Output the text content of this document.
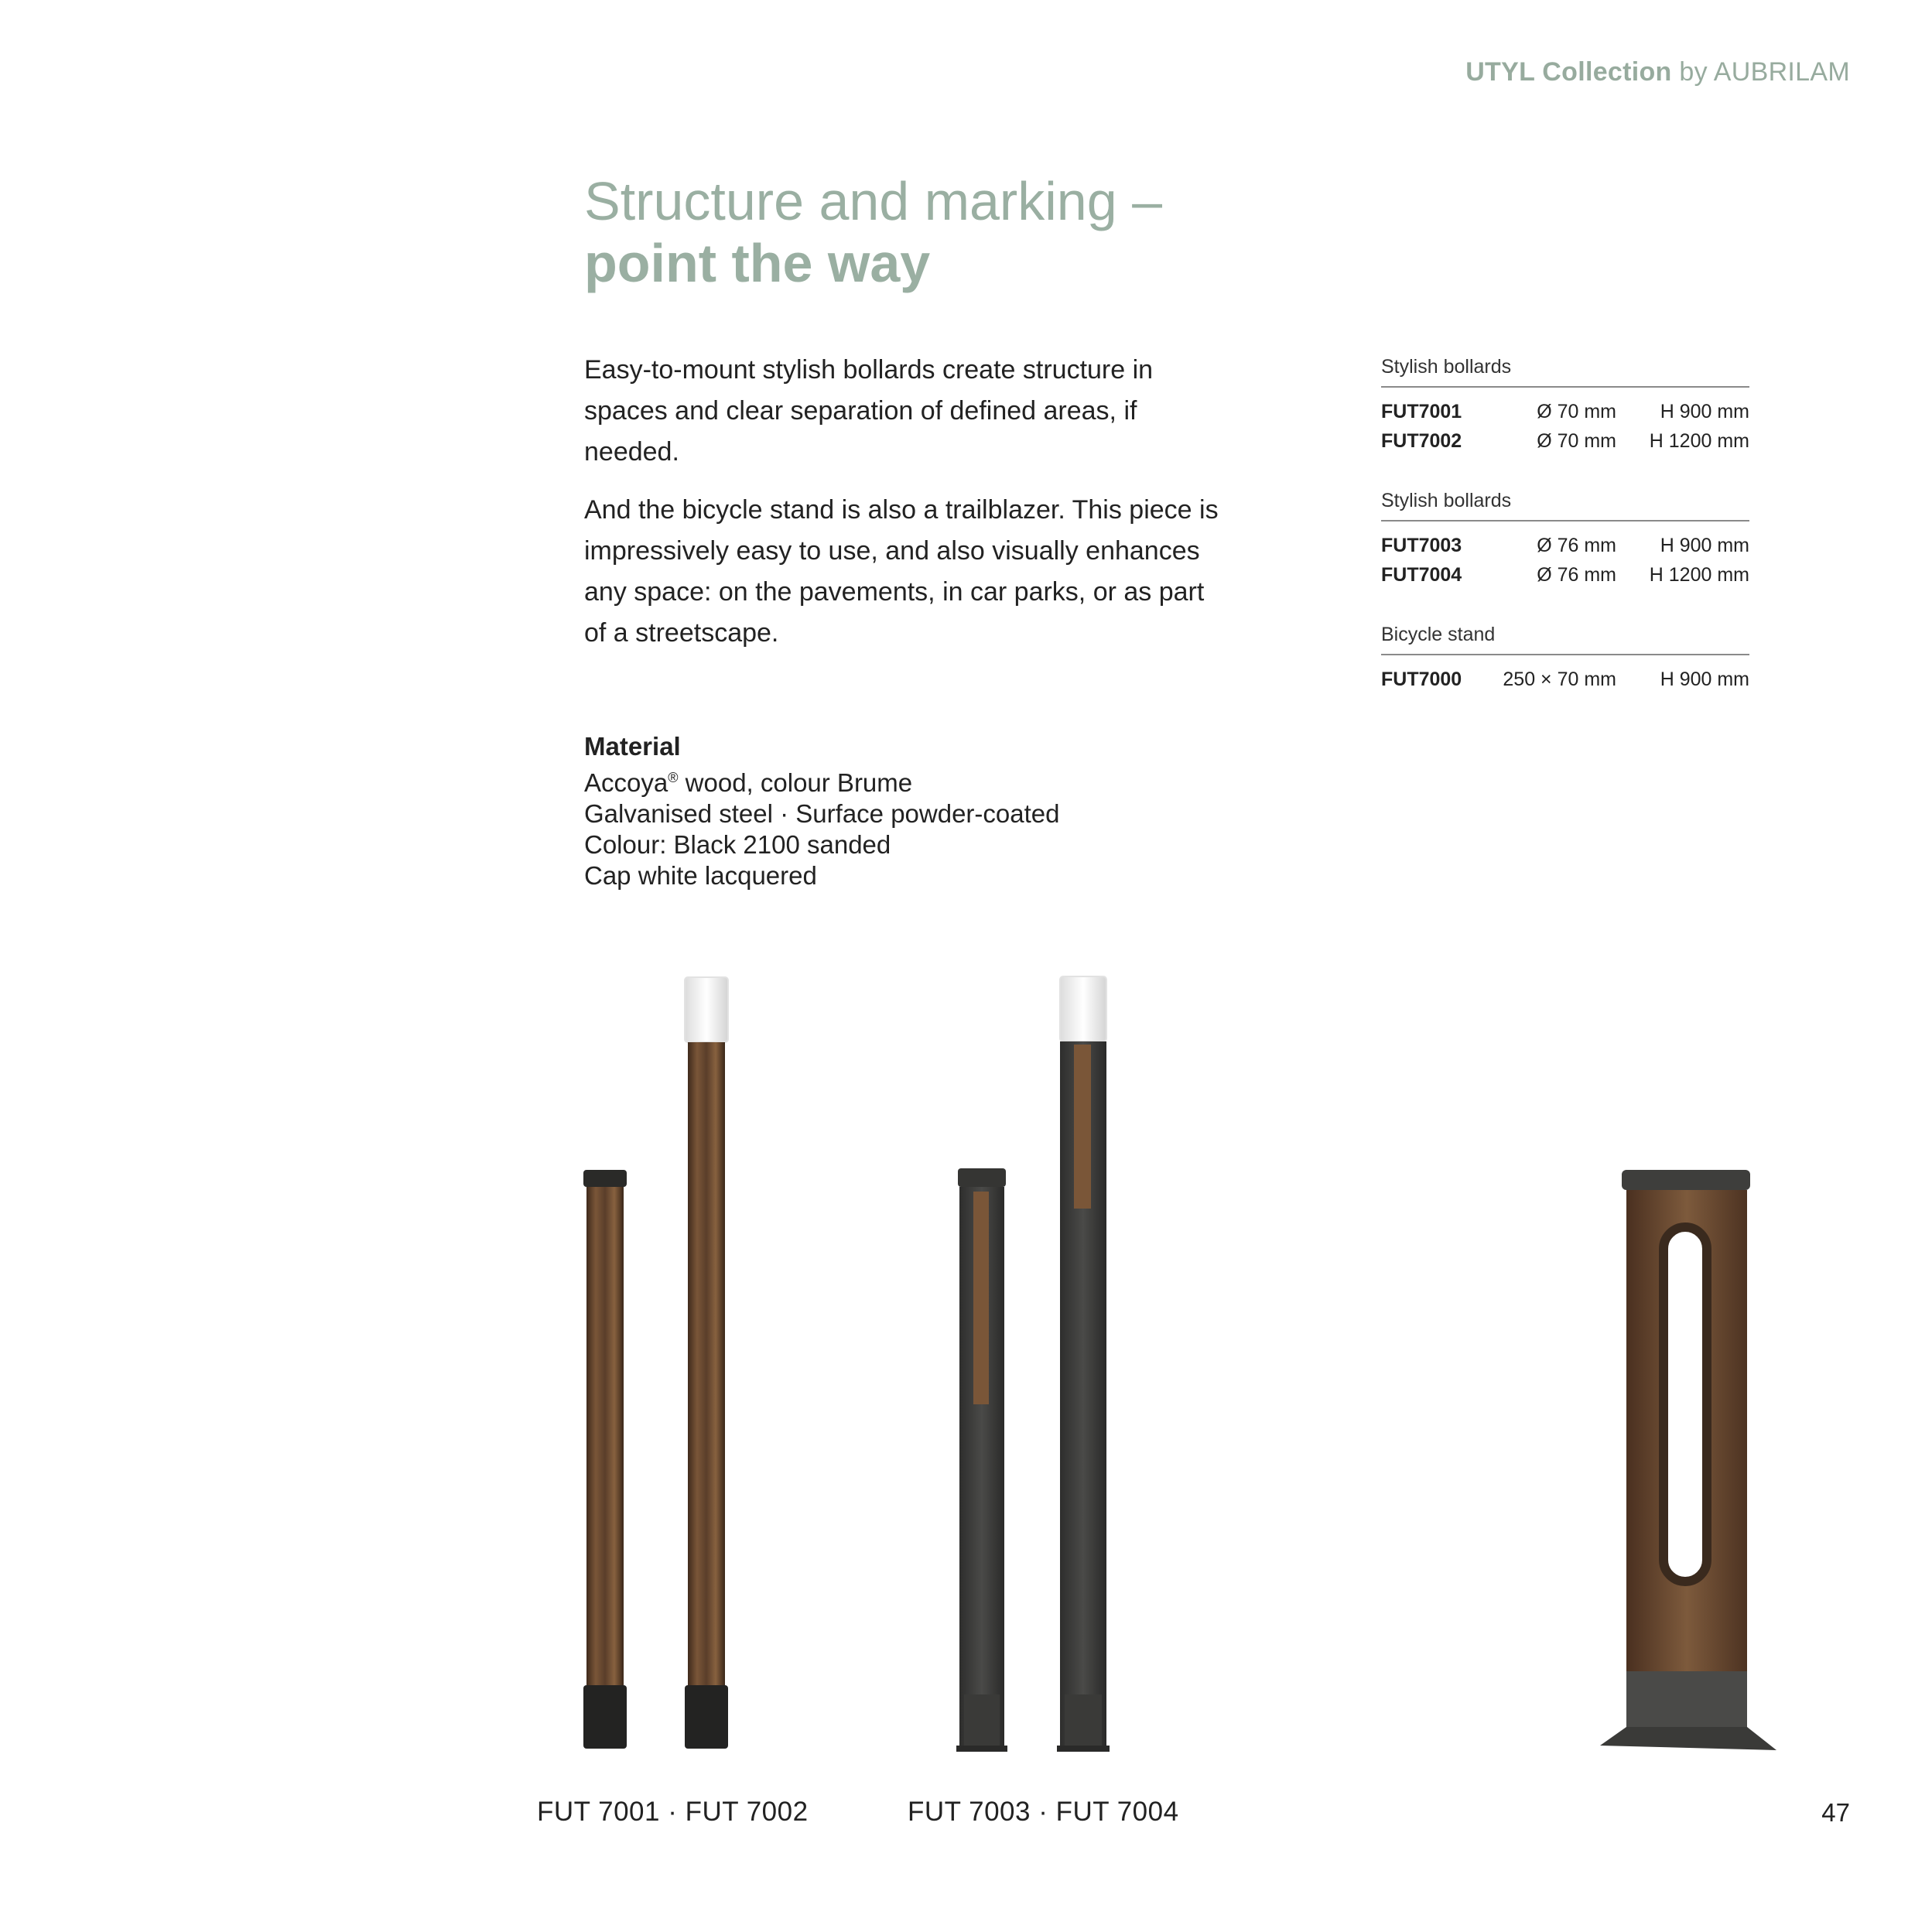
UTYL Collection by AUBRILAM
Structure and marking –
point the way
Easy-to-mount stylish bollards create structure in spaces and clear separation of defined areas, if needed.
And the bicycle stand is also a trailblazer. This piece is impressively easy to use, and also visually enhances any space: on the pavements, in car parks, or as part of a streetscape.
Material
Accoya® wood, colour Brume
Galvanised steel · Surface powder-coated
Colour: Black 2100 sanded
Cap white lacquered
Stylish bollards
FUT7001	Ø 70 mm	H 900 mm
FUT7002	Ø 70 mm	H 1200 mm
Stylish bollards
FUT7003	Ø 76 mm	H 900 mm
FUT7004	Ø 76 mm	H 1200 mm
Bicycle stand
FUT7000	250 × 70 mm	H 900 mm
FUT 7001 · FUT 7002	FUT 7003 · FUT 7004	47
